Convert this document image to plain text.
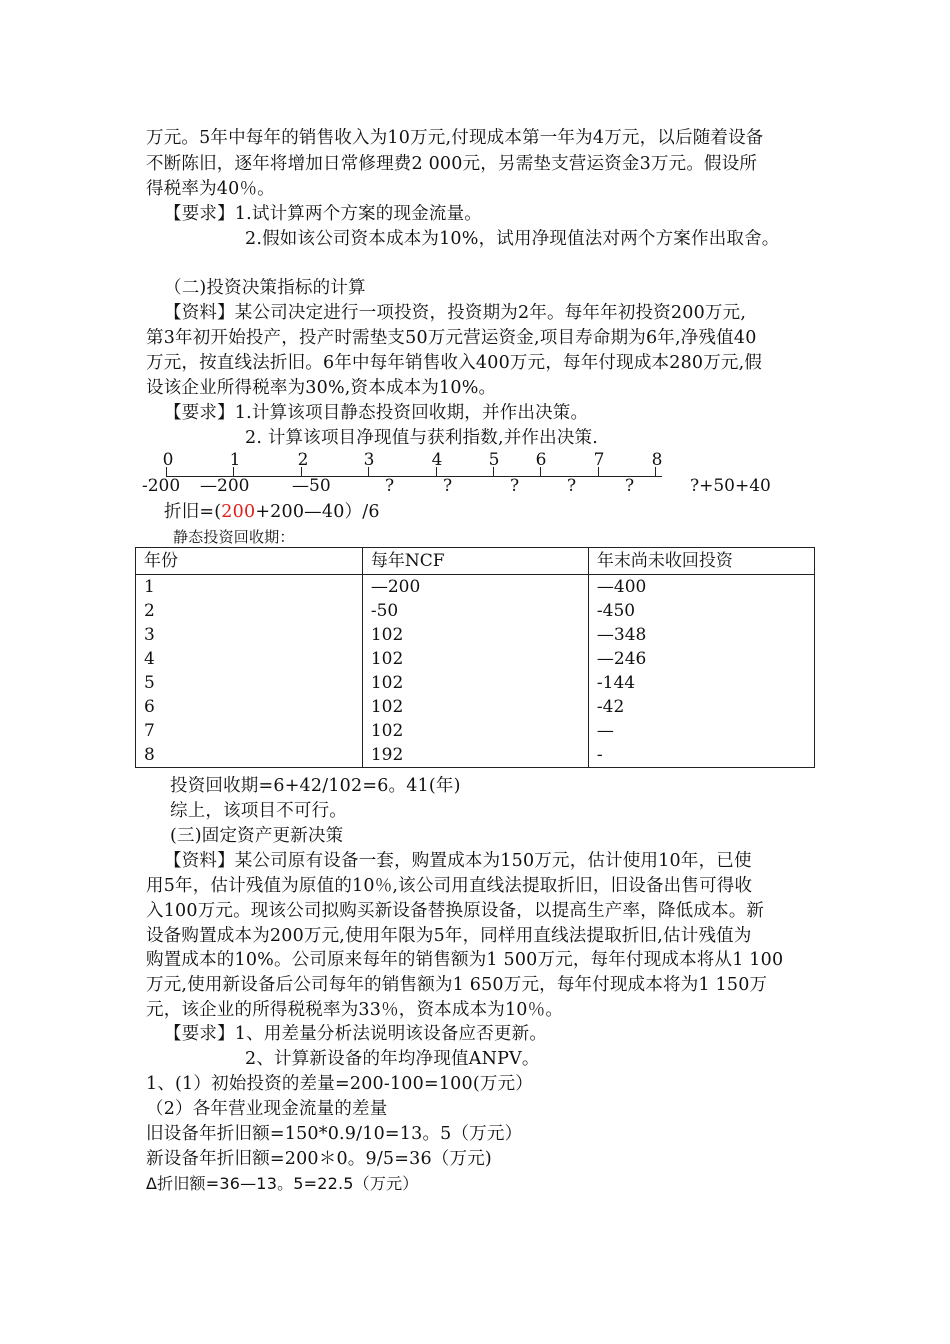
万元。5年中每年的销售收入为10万元,付现成本第一年为4万元，以后随着设备
不断陈旧，逐年将增加日常修理费2 000元，另需垫支营运资金3万元。假设所
得税率为40％。
【要求】1.试计算两个方案的现金流量。
2.假如该公司资本成本为10%，试用净现值法对两个方案作出取舍。
（二)投资决策指标的计算
【资料】某公司决定进行一项投资，投资期为2年。每年年初投资200万元,
第3年初开始投产，投产时需垫支50万元营运资金,项目寿命期为6年,净残值40
万元，按直线法折旧。6年中每年销售收入400万元，每年付现成本280万元,假
设该企业所得税率为30%,资本成本为10%。
【要求】1.计算该项目静态投资回收期，并作出决策。
2. 计算该项目净现值与获利指数,并作出决策.
0	1	2	3	4	5 6	7	8
-200 —200	—50	?	?	?	?	?	?+50+40
折旧=(200+200—40）/6
静态投资回收期：
年份	每年NCF	年末尚未收回投资
1	—200	—400
2	-50	-450
3	102	—348
4	102	—246
5	102	-144
6	102	-42
7	102	—
8	192	-
投资回收期=6+42/102=6。41(年)
综上，该项目不可行。
(三)固定资产更新决策
【资料】某公司原有设备一套，购置成本为150万元，估计使用10年，已使
用5年，估计残值为原值的10％,该公司用直线法提取折旧，旧设备出售可得收
入100万元。现该公司拟购买新设备替换原设备，以提高生产率，降低成本。新
设备购置成本为200万元,使用年限为5年，同样用直线法提取折旧,估计残值为
购置成本的10%。公司原来每年的销售额为1 500万元，每年付现成本将从1 100
万元,使用新设备后公司每年的销售额为1 650万元，每年付现成本将为1 150万
元，该企业的所得税税率为33％，资本成本为10％。
【要求】1、用差量分析法说明该设备应否更新。
2、计算新设备的年均净现值ANPV。
1、(1）初始投资的差量=200-100=100(万元）
（2）各年营业现金流量的差量
旧设备年折旧额=150*0.9/10=13。5（万元）
新设备年折旧额=200＊0。9/5=36（万元)
Δ折旧额=36—13。5=22.5（万元）
